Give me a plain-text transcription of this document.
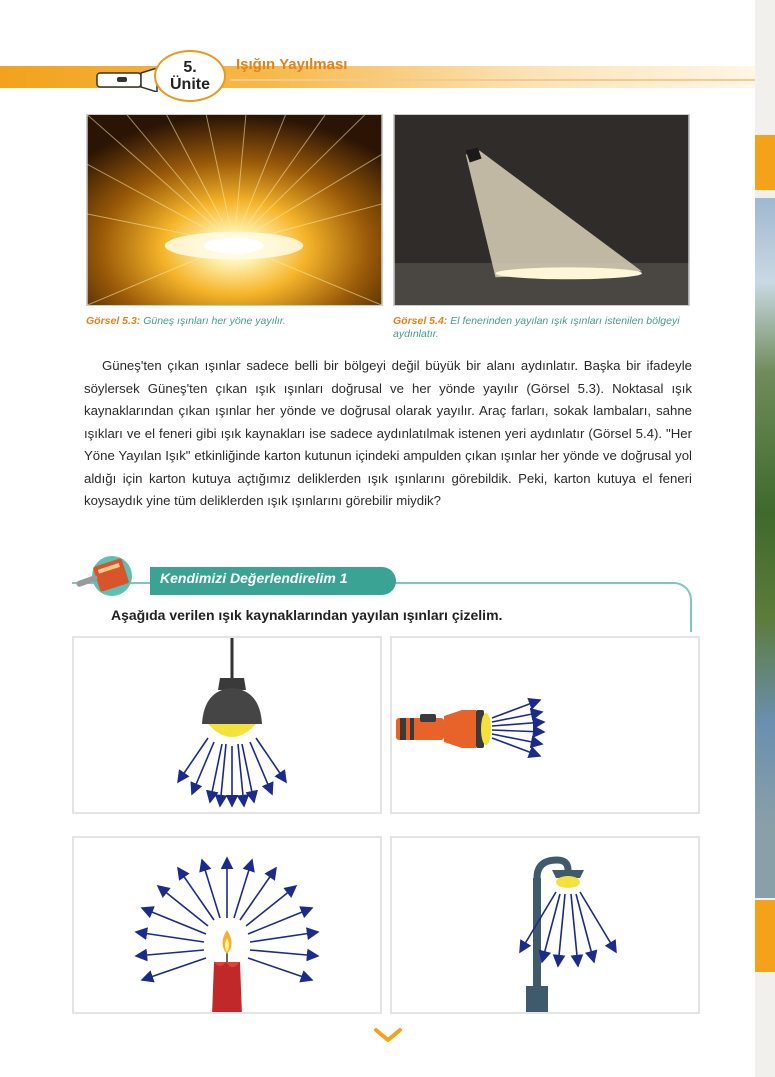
5.
Ünite
Işığın Yayılması
Görsel 5.3: Güneş ışınları her yöne yayılır.	Görsel 5.4: El fenerinden yayılan ışık ışınları istenilen bölgeyi aydınlatır.
Güneş'ten çıkan ışınlar sadece belli bir bölgeyi değil büyük bir alanı aydınlatır. Başka bir ifadeyle söylersek Güneş'ten çıkan ışık ışınları doğrusal ve her yönde yayılır (Görsel 5.3). Noktasal ışık kaynaklarından çıkan ışınlar her yönde ve doğrusal olarak yayılır. Araç farları, sokak lambaları, sahne ışıkları ve el feneri gibi ışık kaynakları ise sadece aydınlatılmak istenen yeri aydınlatır (Görsel 5.4). "Her Yöne Yayılan Işık" etkinliğinde karton kutunun içindeki ampulden çıkan ışınlar her yönde ve doğrusal yol aldığı için karton kutuya açtığımız deliklerden ışık ışınlarını görebildik. Peki, karton kutuya el feneri koysaydık yine tüm deliklerden ışık ışınlarını görebilir miydik?
Kendimizi Değerlendirelim 1
Aşağıda verilen ışık kaynaklarından yayılan ışınları çizelim.
